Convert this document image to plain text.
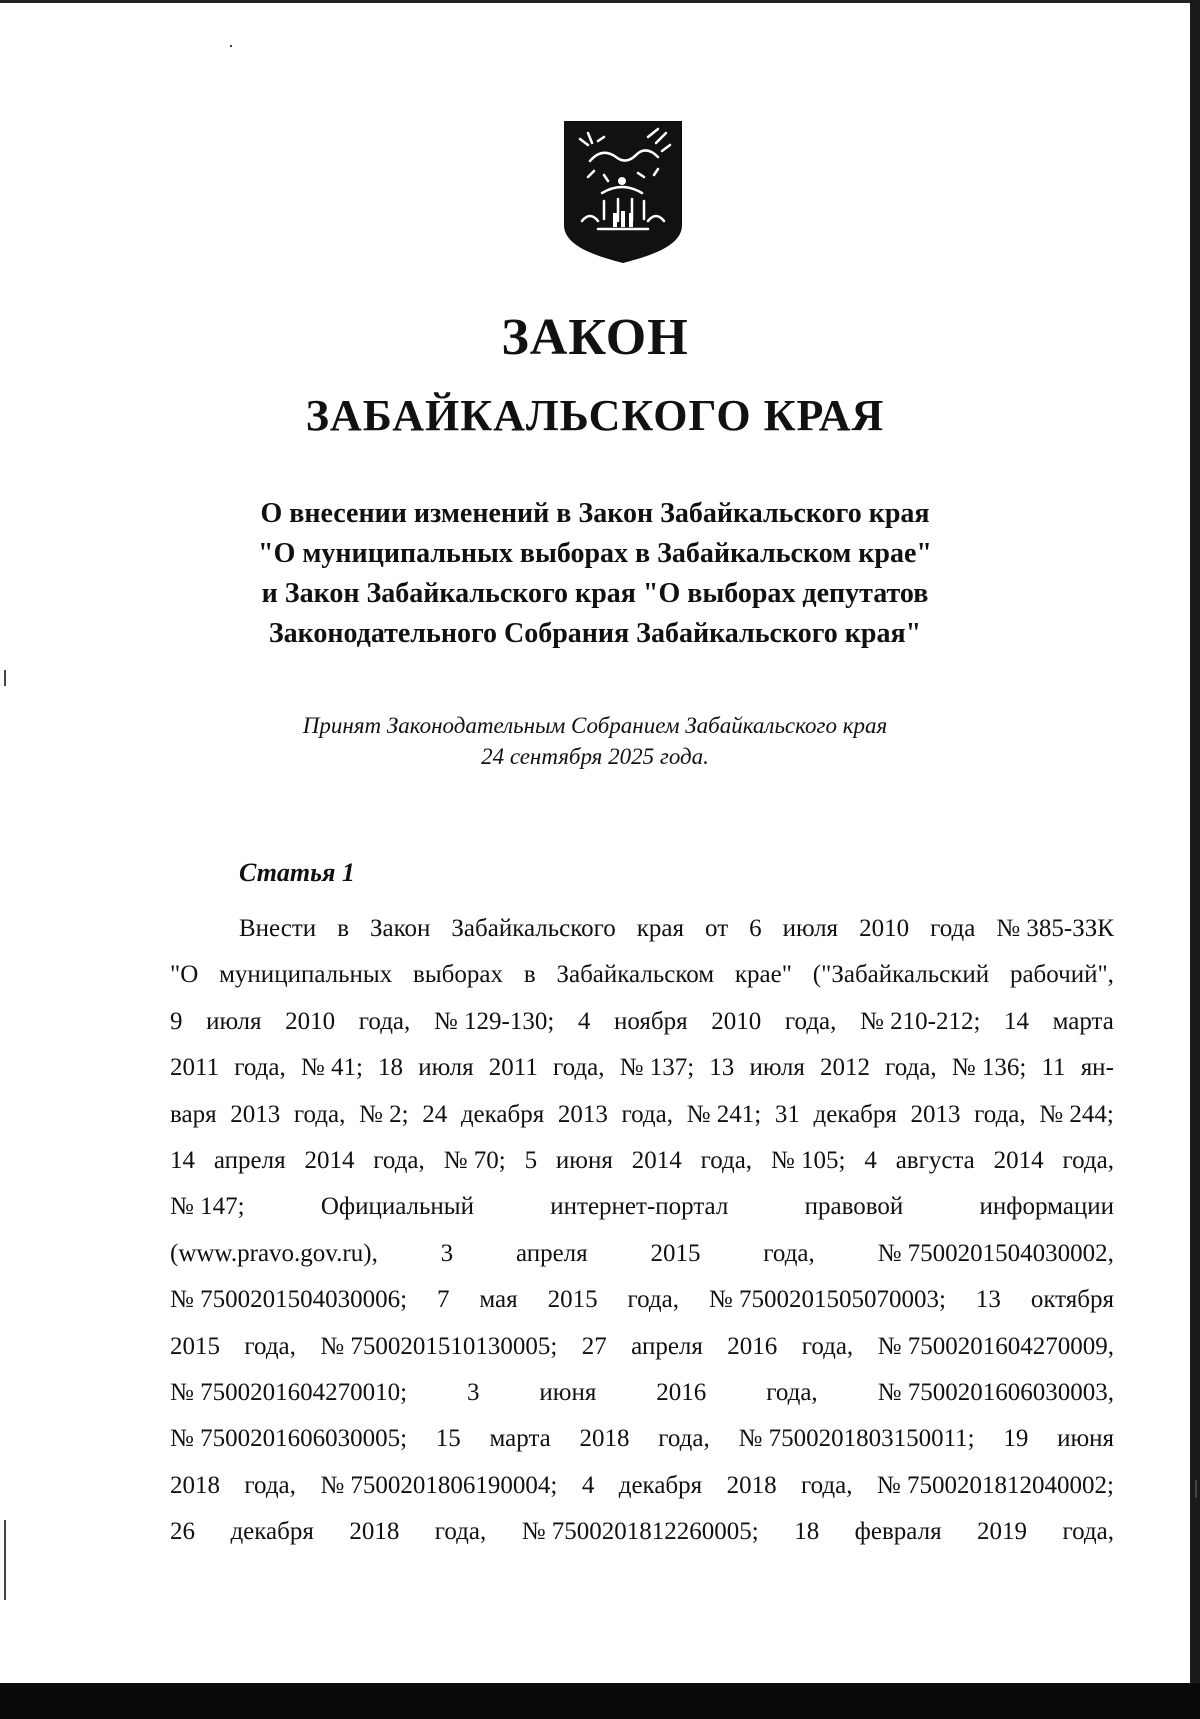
ЗАКОН
ЗАБАЙКАЛЬСКОГО КРАЯ
О внесении изменений в Закон Забайкальского края
"О муниципальных выборах в Забайкальском крае"
и Закон Забайкальского края "О выборах депутатов
Законодательного Собрания Забайкальского края"
Принят Законодательным Собранием Забайкальского края
24 сентября 2025 года.
Статья 1
Внести в Закон Забайкальского края от 6 июля 2010 года № 385-ЗЗК
"О муниципальных выборах в Забайкальском крае" ("Забайкальский рабочий",
9 июля 2010 года, № 129-130; 4 ноября 2010 года, № 210-212; 14 марта
2011 года, № 41; 18 июля 2011 года, № 137; 13 июля 2012 года, № 136; 11 ян-
варя 2013 года, № 2; 24 декабря 2013 года, № 241; 31 декабря 2013 года, № 244;
14 апреля 2014 года, № 70; 5 июня 2014 года, № 105; 4 августа 2014 года,
№ 147;	Официальный	интернет-портал	правовой	информации
(www.pravo.gov.ru),	3	апреля	2015	года,	№ 7500201504030002,
№ 7500201504030006; 7 мая 2015 года, № 7500201505070003; 13 октября
2015 года, № 7500201510130005; 27 апреля 2016 года, № 7500201604270009,
№ 7500201604270010; 3 июня 2016 года, № 7500201606030003,
№ 7500201606030005; 15 марта 2018 года, № 7500201803150011; 19 июня
2018 года, № 7500201806190004; 4 декабря 2018 года, № 7500201812040002;
26 декабря 2018 года, № 7500201812260005; 18 февраля 2019 года,
